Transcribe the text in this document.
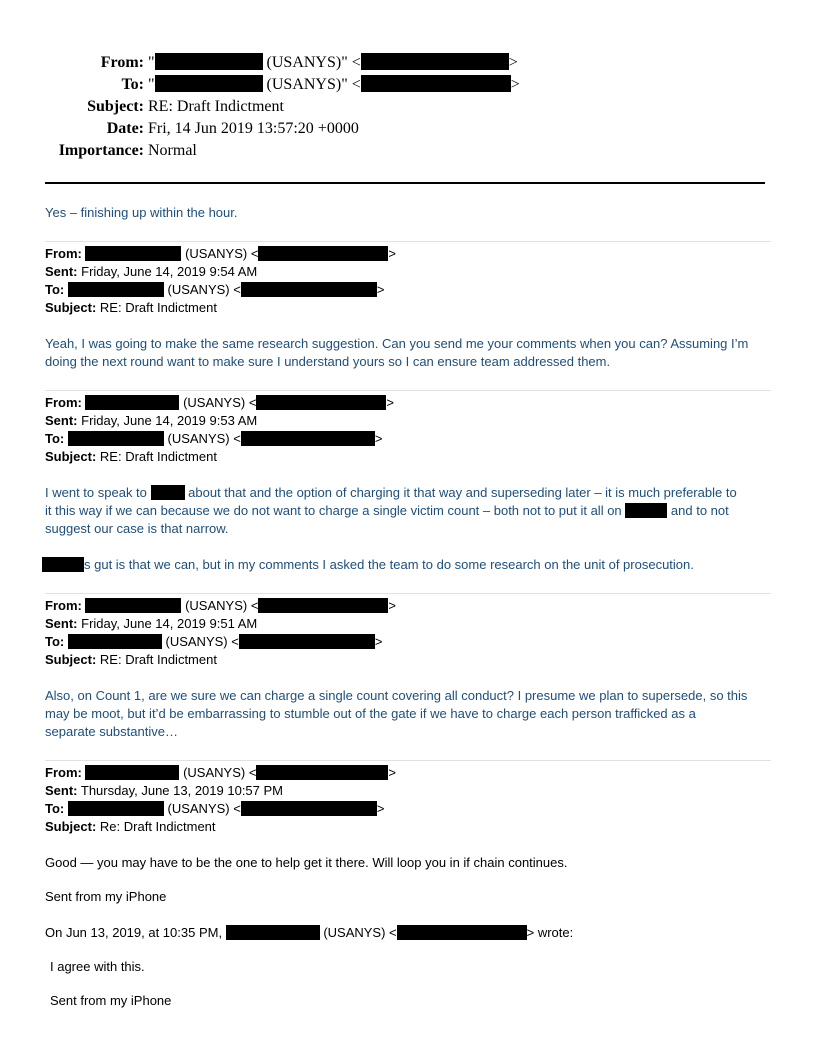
From: "	(USANYS)" <	>
To: "	(USANYS)" <	>
Subject: RE: Draft Indictment
Date: Fri, 14 Jun 2019 13:57:20 +0000
Importance: Normal
Yes – finishing up within the hour.
From:	(USANYS) <	>
Sent: Friday, June 14, 2019 9:54 AM
To:	(USANYS) <	>
Subject: RE: Draft Indictment
Yeah, I was going to make the same research suggestion. Can you send me your comments when you can? Assuming I’m
doing the next round want to make sure I understand yours so I can ensure team addressed them.
From:	(USANYS) <	>
Sent: Friday, June 14, 2019 9:53 AM
To:	(USANYS) <	>
Subject: RE: Draft Indictment
I went to speak to	about that and the option of charging it that way and superseding later – it is much preferable to
it this way if we can because we do not want to charge a single victim count – both not to put it all on	and to not
suggest our case is that narrow.
s gut is that we can, but in my comments I asked the team to do some research on the unit of prosecution.
From:	(USANYS) <	>
Sent: Friday, June 14, 2019 9:51 AM
To:	(USANYS) <	>
Subject: RE: Draft Indictment
Also, on Count 1, are we sure we can charge a single count covering all conduct? I presume we plan to supersede, so this
may be moot, but it’d be embarrassing to stumble out of the gate if we have to charge each person trafficked as a
separate substantive…
From:	(USANYS) <	>
Sent: Thursday, June 13, 2019 10:57 PM
To:	(USANYS) <	>
Subject: Re: Draft Indictment
Good — you may have to be the one to help get it there. Will loop you in if chain continues.
Sent from my iPhone
On Jun 13, 2019, at 10:35 PM,	(USANYS) <	> wrote:
I agree with this.
Sent from my iPhone
